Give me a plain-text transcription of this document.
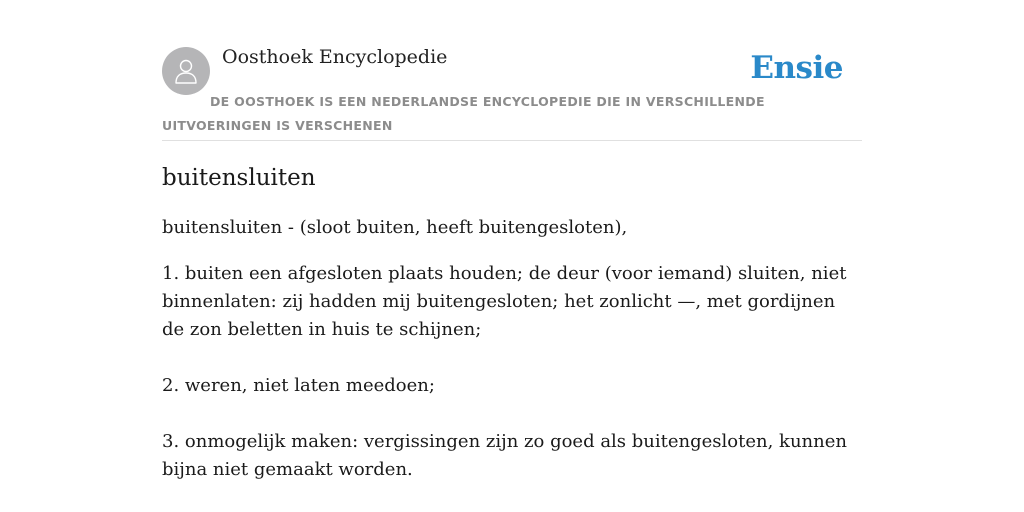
Oosthoek Encyclopedie	Ensie
DE OOSTHOEK IS EEN NEDERLANDSE ENCYCLOPEDIE DIE IN VERSCHILLENDE UITVOERINGEN IS VERSCHENEN
buitensluiten

buitensluiten - (sloot buiten, heeft buitengesloten),

1. buiten een afgesloten plaats houden; de deur (voor iemand) sluiten, niet binnenlaten: zij hadden mij buitengesloten; het zonlicht —, met gordijnen de zon beletten in huis te schijnen;

2. weren, niet laten meedoen;

3. onmogelijk maken: vergissingen zijn zo goed als buitengesloten, kunnen bijna niet gemaakt worden.
